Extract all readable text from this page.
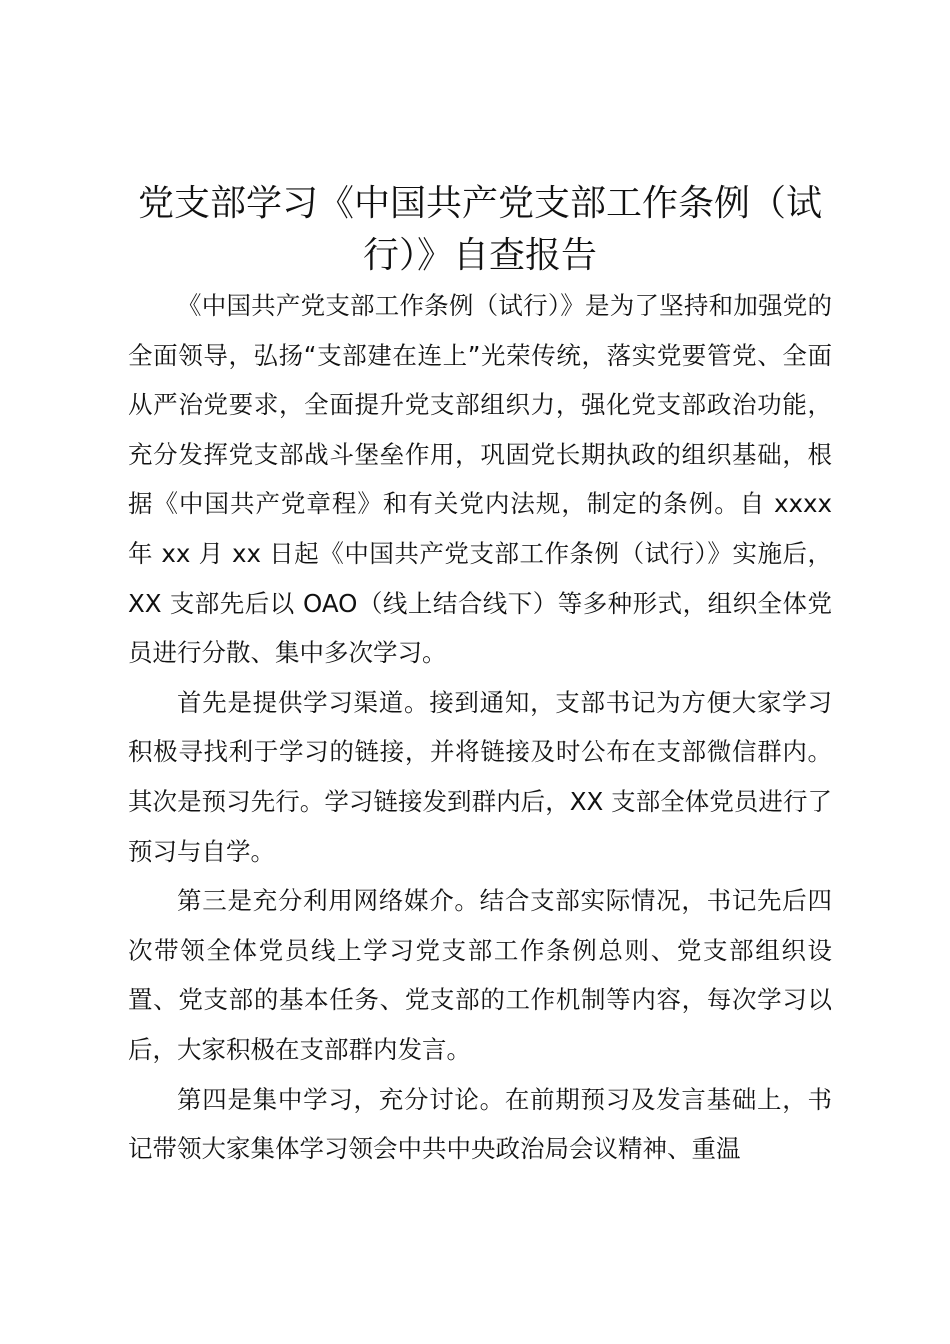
党支部学习《中国共产党支部工作条例（试行）》自查报告

《中国共产党支部工作条例（试行）》是为了坚持和加强党的全面领导，弘扬“支部建在连上”光荣传统，落实党要管党、全面从严治党要求，全面提升党支部组织力，强化党支部政治功能，充分发挥党支部战斗堡垒作用，巩固党长期执政的组织基础，根据《中国共产党章程》和有关党内法规，制定的条例。自 xxxx 年 xx 月 xx 日起《中国共产党支部工作条例（试行）》实施后，XX 支部先后以 OAO（线上结合线下）等多种形式，组织全体党员进行分散、集中多次学习。

首先是提供学习渠道。接到通知，支部书记为方便大家学习积极寻找利于学习的链接，并将链接及时公布在支部微信群内。其次是预习先行。学习链接发到群内后，XX 支部全体党员进行了预习与自学。

第三是充分利用网络媒介。结合支部实际情况，书记先后四次带领全体党员线上学习党支部工作条例总则、党支部组织设置、党支部的基本任务、党支部的工作机制等内容，每次学习以后，大家积极在支部群内发言。

第四是集中学习，充分讨论。在前期预习及发言基础上，书记带领大家集体学习领会中共中央政治局会议精神、重温
